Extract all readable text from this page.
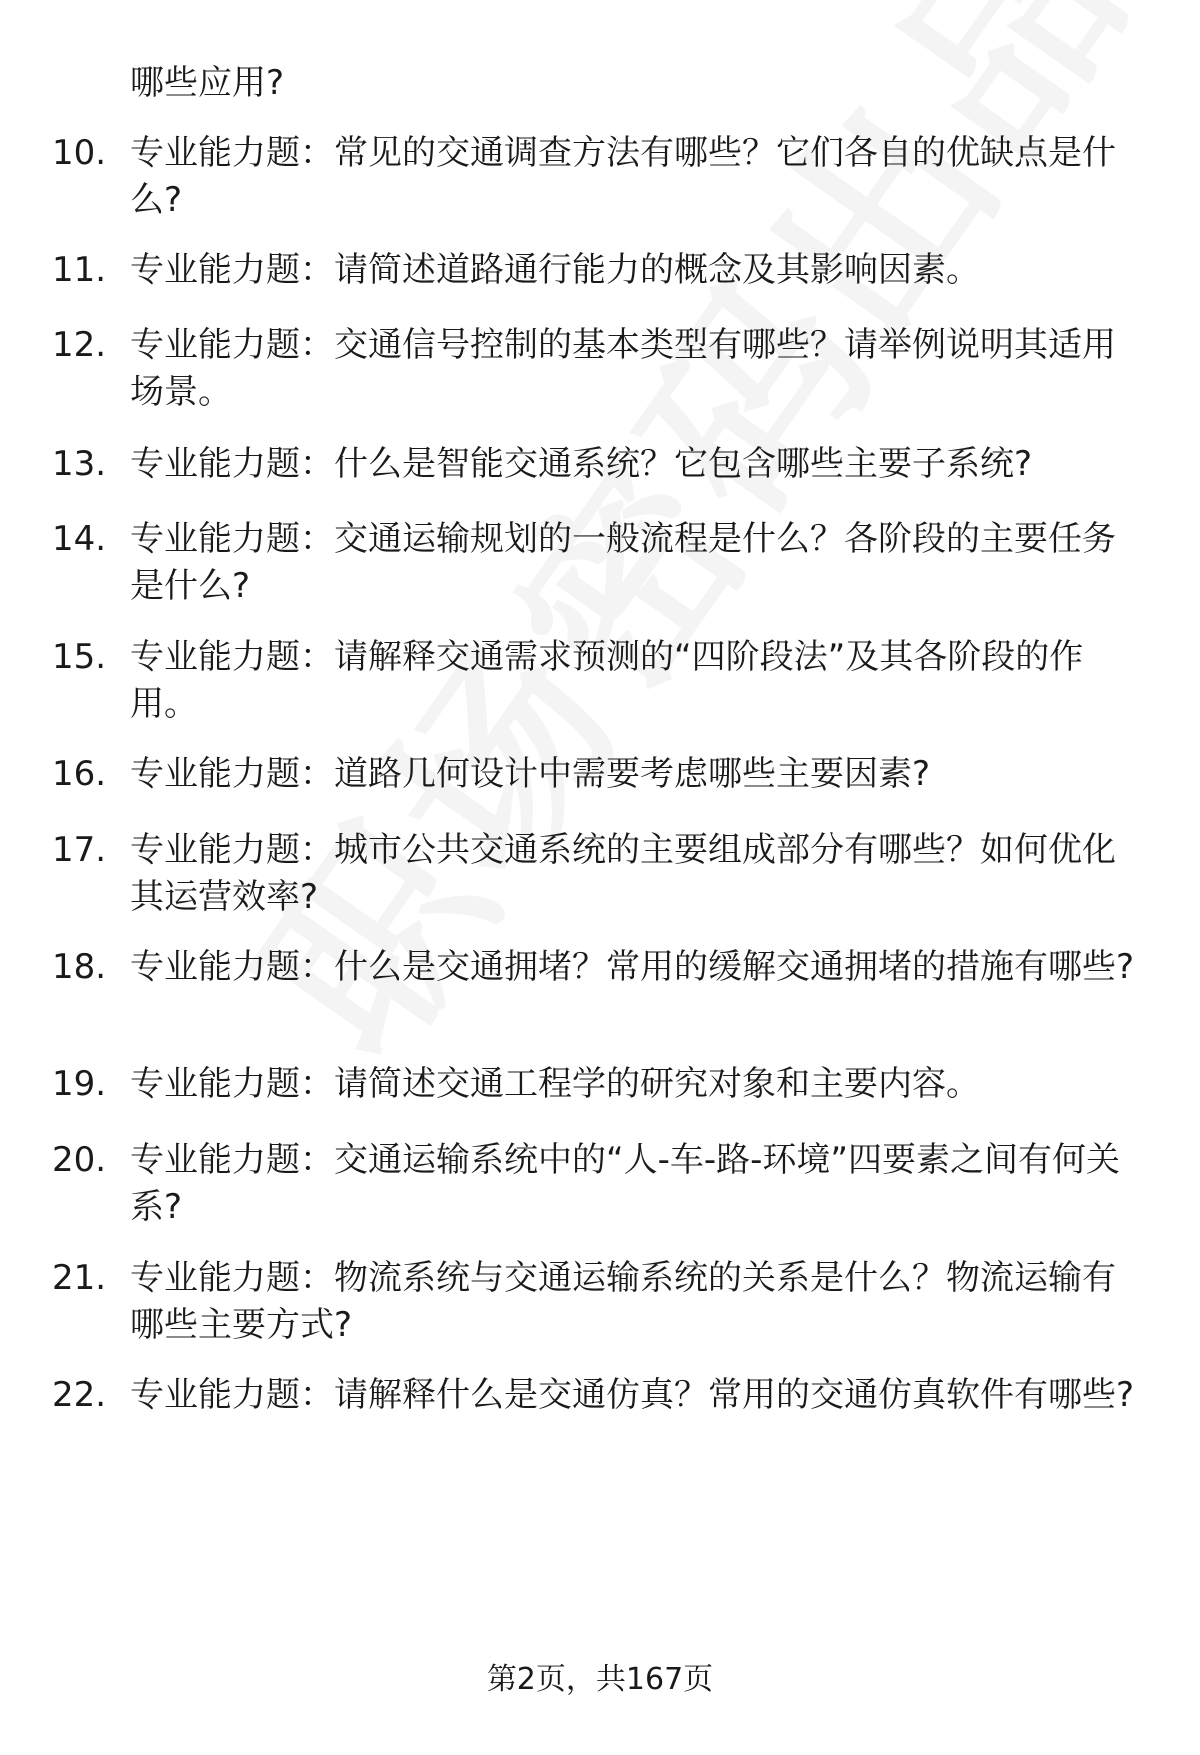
哪些应用?
10. 专业能力题：常见的交通调查方法有哪些？它们各自的优缺点是什么?
11. 专业能力题：请简述道路通行能力的概念及其影响因素。
12. 专业能力题：交通信号控制的基本类型有哪些？请举例说明其适用场景。
13. 专业能力题：什么是智能交通系统？它包含哪些主要子系统?
14. 专业能力题：交通运输规划的一般流程是什么？各阶段的主要任务是什么?
15. 专业能力题：请解释交通需求预测的“四阶段法”及其各阶段的作用。
16. 专业能力题：道路几何设计中需要考虑哪些主要因素?
17. 专业能力题：城市公共交通系统的主要组成部分有哪些？如何优化其运营效率?
18. 专业能力题：什么是交通拥堵？常用的缓解交通拥堵的措施有哪些?
19. 专业能力题：请简述交通工程学的研究对象和主要内容。
20. 专业能力题：交通运输系统中的“人-车-路-环境”四要素之间有何关系?
21. 专业能力题：物流系统与交通运输系统的关系是什么？物流运输有哪些主要方式?
22. 专业能力题：请解释什么是交通仿真？常用的交通仿真软件有哪些?
第2页，共167页
